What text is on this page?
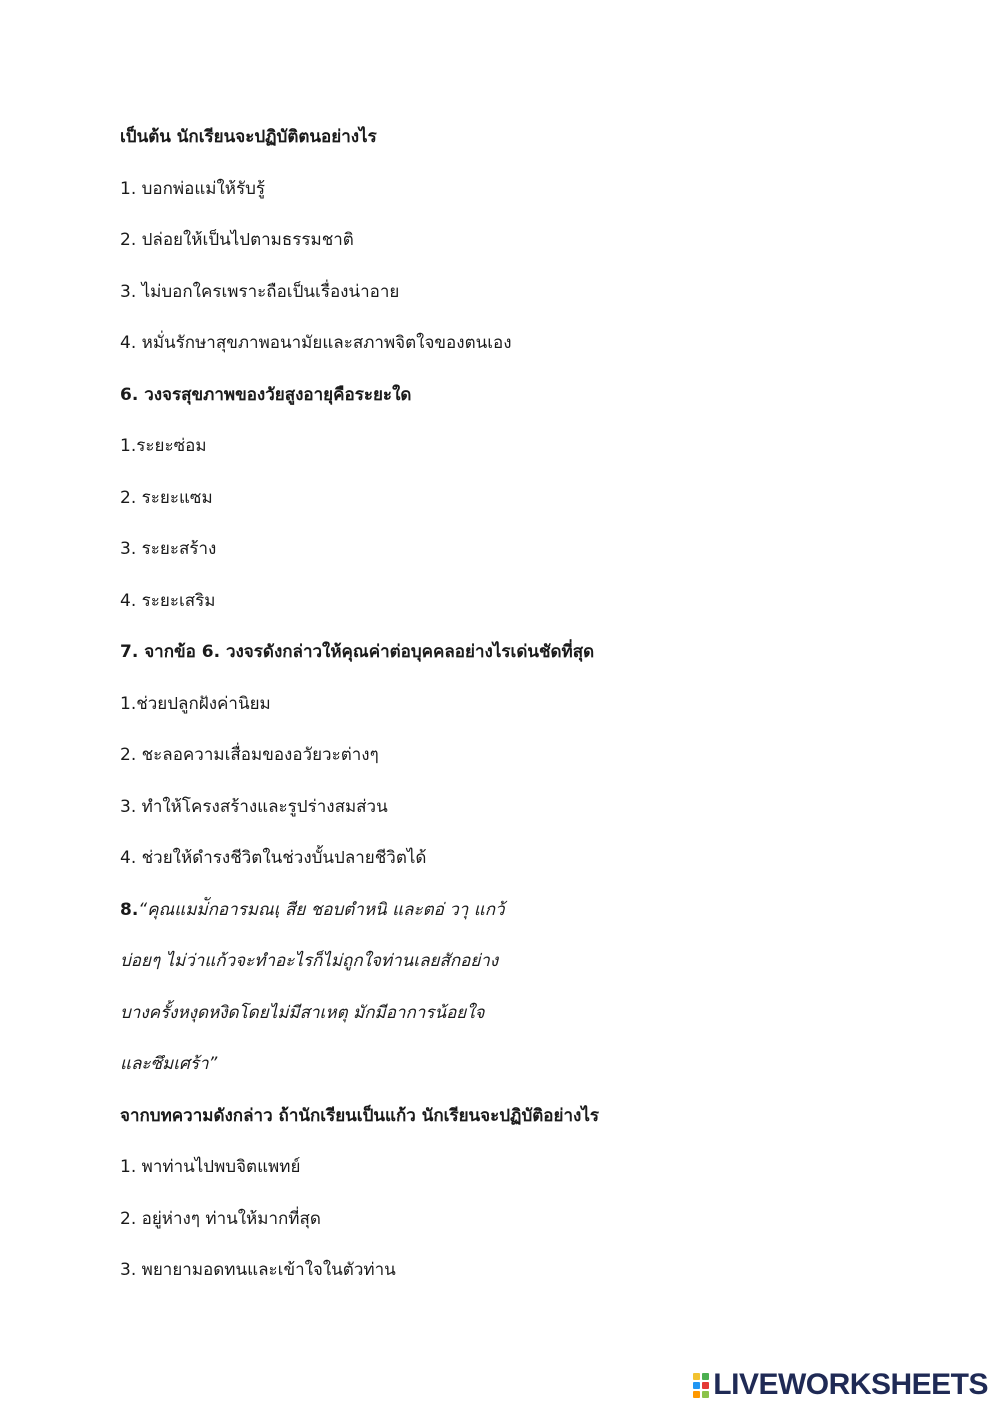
เป็นต้น นักเรียนจะปฏิบัติตนอย่างไร
1. บอกพ่อแม่ให้รับรู้
2. ปล่อยให้เป็นไปตามธรรมชาติ
3. ไม่บอกใครเพราะถือเป็นเรื่องน่าอาย
4. หมั่นรักษาสุขภาพอนามัยและสภาพจิตใจของตนเอง
6. วงจรสุขภาพของวัยสูงอายุคือระยะใด
1.ระยะซ่อม
2. ระยะแซม
3. ระยะสร้าง
4. ระยะเสริม
7. จากข้อ 6. วงจรดังกล่าวให้คุณค่าต่อบุคคลอย่างไรเด่นชัดที่สุด
1.ช่วยปลูกฝังค่านิยม
2. ชะลอความเสื่อมของอวัยวะต่างๆ
3. ทำให้โครงสร้างและรูปร่างสมส่วน
4. ช่วยให้ดำรงชีวิตในช่วงบั้นปลายชีวิตได้
8.“คุณแมม่ักอารมณเฺ สีย ชอบตำหนิ และตอ่ วาุ แกว้
บ่อยๆ ไม่ว่าแก้วจะทำอะไรก็ไม่ถูกใจท่านเลยสักอย่าง
บางครั้งหงุดหงิดโดยไม่มีสาเหตุ มักมีอาการน้อยใจ
และซึมเศร้า”
จากบทความดังกล่าว ถ้านักเรียนเป็นแก้ว นักเรียนจะปฏิบัติอย่างไร
1. พาท่านไปพบจิตแพทย์
2. อยู่ห่างๆ ท่านให้มากที่สุด
3. พยายามอดทนและเข้าใจในตัวท่าน
LIVEWORKSHEETS
